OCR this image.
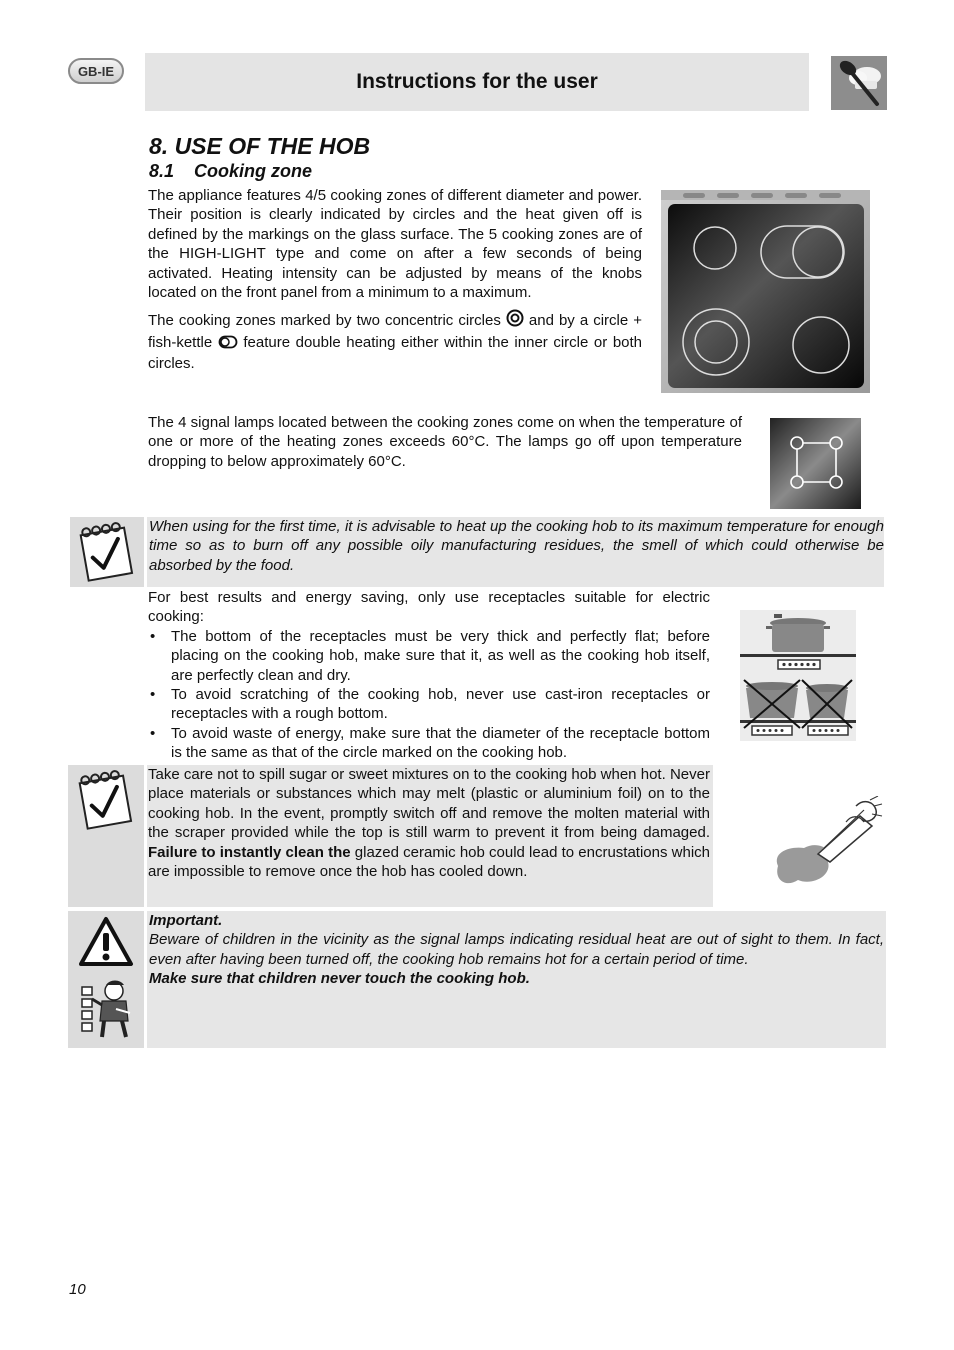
GB-IE	Instructions for the user
8. USE OF THE HOB
8.1    Cooking zone

The appliance features 4/5 cooking zones of different diameter and power. Their position is clearly indicated by circles and the heat given off is defined by the markings on the glass surface. The 5 cooking zones are of the HIGH-LIGHT type and come on after a few seconds of being activated. Heating intensity can be adjusted by means of the knobs located on the front panel from a minimum to a maximum.

The cooking zones marked by two concentric circles and by a circle + fish-kettle feature double heating either within the inner circle or both circles.

The 4 signal lamps located between the cooking zones come on when the temperature of one or more of the heating zones exceeds 60°C. The lamps go off upon temperature dropping to below approximately 60°C.

When using for the first time, it is advisable to heat up the cooking hob to its maximum temperature for enough time so as to burn off any possible oily manufacturing residues, the smell of which could otherwise be absorbed by the food.

For best results and energy saving, only use receptacles suitable for electric cooking:

• The bottom of the receptacles must be very thick and perfectly flat; before placing on the cooking hob, make sure that it, as well as the cooking hob itself, are perfectly clean and dry.
• To avoid scratching of the cooking hob, never use cast-iron receptacles or receptacles with a rough bottom.
• To avoid waste of energy, make sure that the diameter of the receptacle bottom is the same as that of the circle marked on the cooking hob.

Take care not to spill sugar or sweet mixtures on to the cooking hob when hot. Never place materials or substances which may melt (plastic or aluminium foil) on to the cooking hob. In the event, promptly switch off and remove the molten material with the scraper provided while the top is still warm to prevent it from being damaged. Failure to instantly clean the glazed ceramic hob could lead to encrustations which are impossible to remove once the hob has cooled down.

Important.
Beware of children in the vicinity as the signal lamps indicating residual heat are out of sight to them. In fact, even after having been turned off, the cooking hob remains hot for a certain period of time.
Make sure that children never touch the cooking hob.
10
